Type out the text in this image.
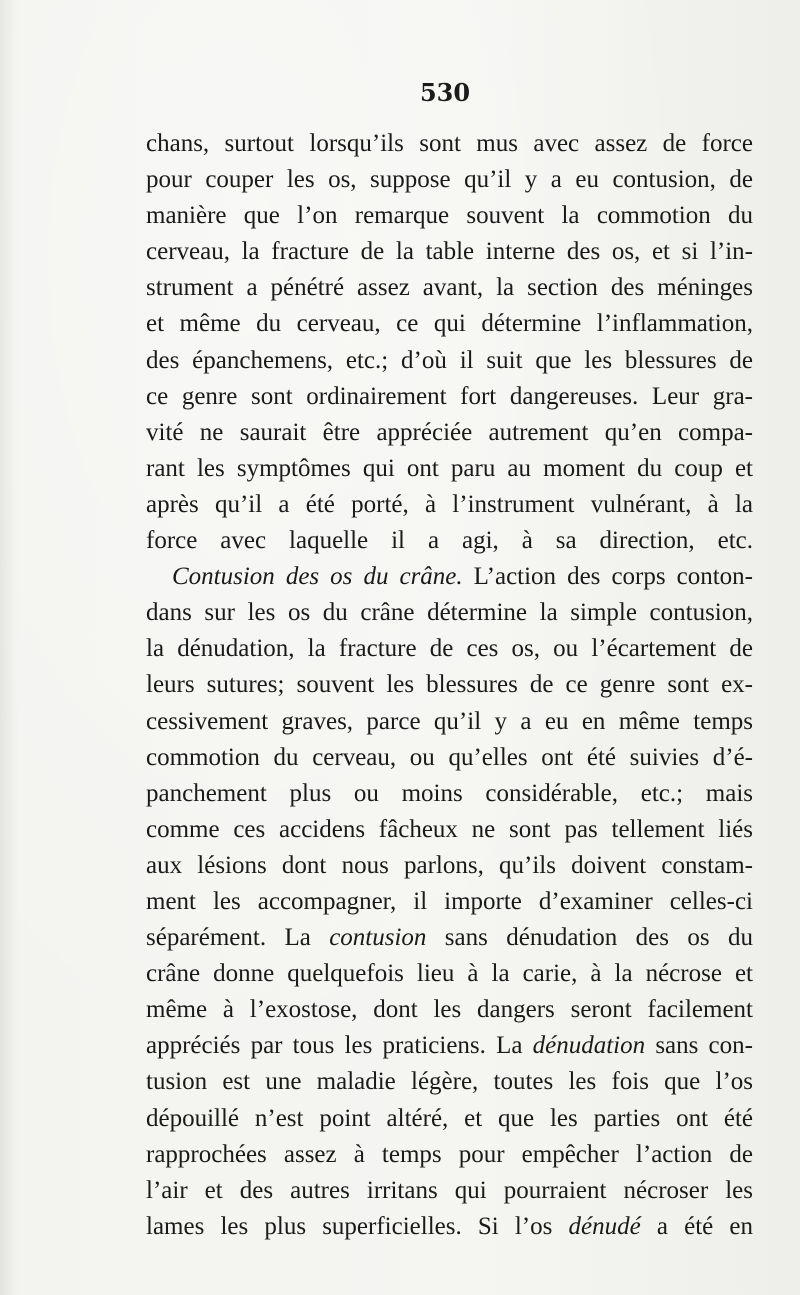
530
chans, surtout lorsqu’ils sont mus avec assez de force
pour couper les os, suppose qu’il y a eu contusion, de
manière que l’on remarque souvent la commotion du
cerveau, la fracture de la table interne des os, et si l’in-
strument a pénétré assez avant, la section des méninges
et même du cerveau, ce qui détermine l’inflammation,
des épanchemens, etc.; d’où il suit que les blessures de
ce genre sont ordinairement fort dangereuses. Leur gra-
vité ne saurait être appréciée autrement qu’en compa-
rant les symptômes qui ont paru au moment du coup et
après qu’il a été porté, à l’instrument vulnérant, à la
force avec laquelle il a agi, à sa direction, etc.
Contusion des os du crâne. L’action des corps conton-
dans sur les os du crâne détermine la simple contusion,
la dénudation, la fracture de ces os, ou l’écartement de
leurs sutures; souvent les blessures de ce genre sont ex-
cessivement graves, parce qu’il y a eu en même temps
commotion du cerveau, ou qu’elles ont été suivies d’é-
panchement plus ou moins considérable, etc.; mais
comme ces accidens fâcheux ne sont pas tellement liés
aux lésions dont nous parlons, qu’ils doivent constam-
ment les accompagner, il importe d’examiner celles-ci
séparément. La contusion sans dénudation des os du
crâne donne quelquefois lieu à la carie, à la nécrose et
même à l’exostose, dont les dangers seront facilement
appréciés par tous les praticiens. La dénudation sans con-
tusion est une maladie légère, toutes les fois que l’os
dépouillé n’est point altéré, et que les parties ont été
rapprochées assez à temps pour empêcher l’action de
l’air et des autres irritans qui pourraient nécroser les
lames les plus superficielles. Si l’os dénudé a été en
